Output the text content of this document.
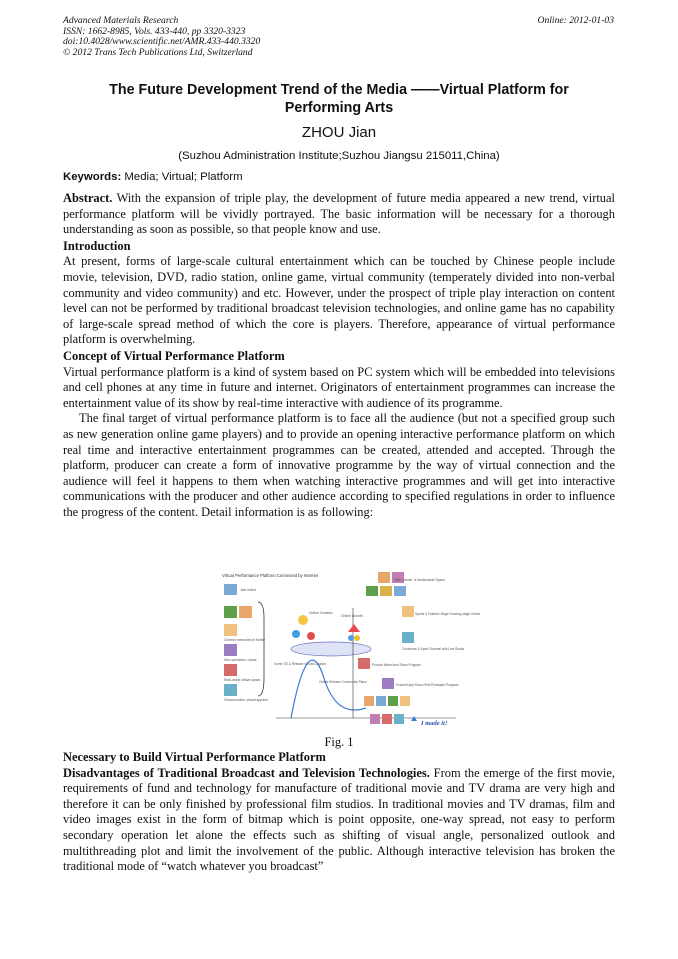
Advanced Materials Research
ISSN: 1662-8985, Vols. 433-440, pp 3320-3323
doi:10.4028/www.scientific.net/AMR.433-440.3320
© 2012 Trans Tech Publications Ltd, Switzerland
Online: 2012-01-03
The Future Development Trend of the Media ——Virtual Platform for
Performing Arts
ZHOU Jian
(Suzhou Administration Institute;Suzhou Jiangsu 215011,China)
Keywords: Media; Virtual; Platform

Abstract. With the expansion of triple play, the development of future media appeared a new trend, virtual performance platform will be vividly portrayed. The basic information will be necessary for a thorough understanding as soon as possible, so that people know and use.

Introduction

At present, forms of large-scale cultural entertainment which can be touched by Chinese people include movie, television, DVD, radio station, online game, virtual community (temperately divided into non-verbal community and video community) and etc. However, under the prospect of triple play interaction on content level can not be performed by traditional broadcast television technologies, and online game has no capability of large-scale spread method of which the core is players. Therefore, appearance of virtual performance platform is overwhelming.

Concept of Virtual Performance Platform

Virtual performance platform is a kind of system based on PC system which will be embedded into televisions and cell phones at any time in future and internet. Originators of entertainment programmes can increase the entertainment value of its show by real-time interactive with audience of its programme.

The final target of virtual performance platform is to face all the audience (but not a specified group such as new generation online game players) and to provide an opening interactive performance platform on which real time and interactive entertainment programmes can be created, attended and accepted. Through the platform, producer can create a form of innovative programme by the way of virtual connection and the audience will feel it happens to them when watching interactive programmes and will get into interactive communications with the producer and other audience according to specified regulations in order to influence the progress of the content. Detail information is as following:

Virtual Performance Platform Connected by Internet
Join online
Cherish memories in family
Non-operation, virtual
Real-world virtual space
Virtual modes, virtual apparel
Online Creation
Online Growth
Some OS & Release Virtual Location
Online Release Community Place
Girls, Model, & fashionable Space
Sports & Fashion Stage Growing stage Online
Consumer & Sport Channel with Live Studio
Product Model and Show Program
Pocket Kanji Show Field Prodapter Program
I made it!
Fig. 1

Necessary to Build Virtual Performance Platform

Disadvantages of Traditional Broadcast and Television Technologies. From the emerge of the first movie, requirements of fund and technology for manufacture of traditional movie and TV drama are very high and therefore it can be only finished by professional film studios. In traditional movies and TV dramas, film and video images exist in the form of bitmap which is point opposite, one-way spread, not easy to perform secondary operation let alone the effects such as shifting of visual angle, personalized outlook and multithreading plot and limit the involvement of the public. Although interactive television has broken the traditional mode of “watch whatever you broadcast”
